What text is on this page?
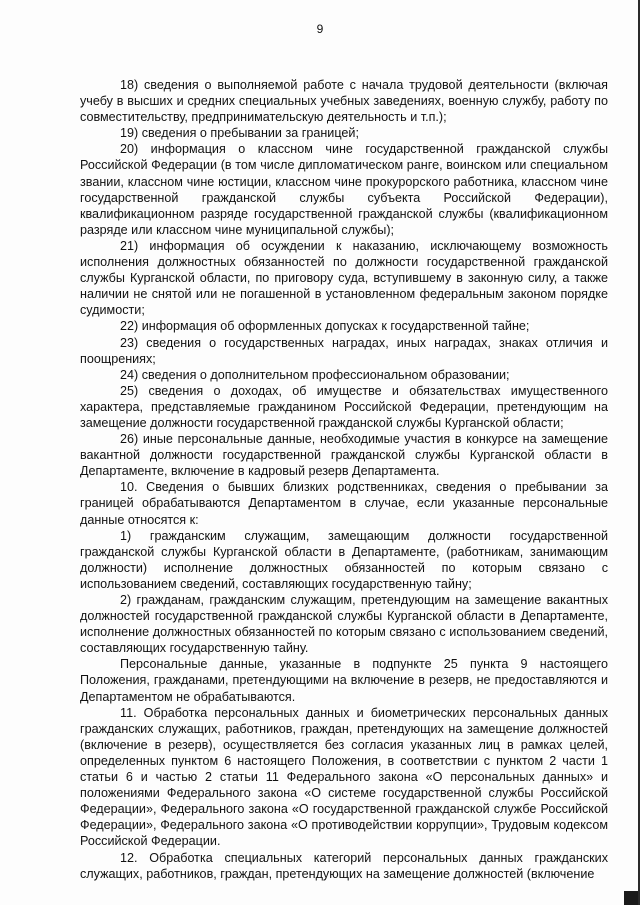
9

18) сведения о выполняемой работе с начала трудовой деятельности (включая учебу в высших и средних специальных учебных заведениях, военную службу, работу по совместительству, предпринимательскую деятельность и т.п.);

19) сведения о пребывании за границей;

20) информация о классном чине государственной гражданской службы Российской Федерации (в том числе дипломатическом ранге, воинском или специальном звании, классном чине юстиции, классном чине прокурорского работника, классном чине государственной гражданской службы субъекта Российской Федерации), квалификационном разряде государственной гражданской службы (квалификационном разряде или классном чине муниципальной службы);

21) информация об осуждении к наказанию, исключающему возможность исполнения должностных обязанностей по должности государственной гражданской службы Курганской области, по приговору суда, вступившему в законную силу, а также наличии не снятой или не погашенной в установленном федеральным законом порядке судимости;

22) информация об оформленных допусках к государственной тайне;

23) сведения о государственных наградах, иных наградах, знаках отличия и поощрениях;

24) сведения о дополнительном профессиональном образовании;

25) сведения о доходах, об имуществе и обязательствах имущественного характера, представляемые гражданином Российской Федерации, претендующим на замещение должности государственной гражданской службы Курганской области;

26) иные персональные данные, необходимые участия в конкурсе на замещение вакантной должности государственной гражданской службы Курганской области в Департаменте, включение в кадровый резерв Департамента.

10. Сведения о бывших близких родственниках, сведения о пребывании за границей обрабатываются Департаментом в случае, если указанные персональные данные относятся к:

1) гражданским служащим, замещающим должности государственной гражданской службы Курганской области в Департаменте, (работникам, занимающим должности) исполнение должностных обязанностей по которым связано с использованием сведений, составляющих государственную тайну;

2) гражданам, гражданским служащим, претендующим на замещение вакантных должностей государственной гражданской службы Курганской области в Департаменте, исполнение должностных обязанностей по которым связано с использованием сведений, составляющих государственную тайну.

Персональные данные, указанные в подпункте 25 пункта 9 настоящего Положения, гражданами, претендующими на включение в резерв, не предоставляются и Департаментом не обрабатываются.

11. Обработка персональных данных и биометрических персональных данных гражданских служащих, работников, граждан, претендующих на замещение должностей (включение в резерв), осуществляется без согласия указанных лиц в рамках целей, определенных пунктом 6 настоящего Положения, в соответствии с пунктом 2 части 1 статьи 6 и частью 2 статьи 11 Федерального закона «О персональных данных» и положениями Федерального закона «О системе государственной службы Российской Федерации», Федерального закона «О государственной гражданской службе Российской Федерации», Федерального закона «О противодействии коррупции», Трудовым кодексом Российской Федерации.

12. Обработка специальных категорий персональных данных гражданских служащих, работников, граждан, претендующих на замещение должностей (включение
